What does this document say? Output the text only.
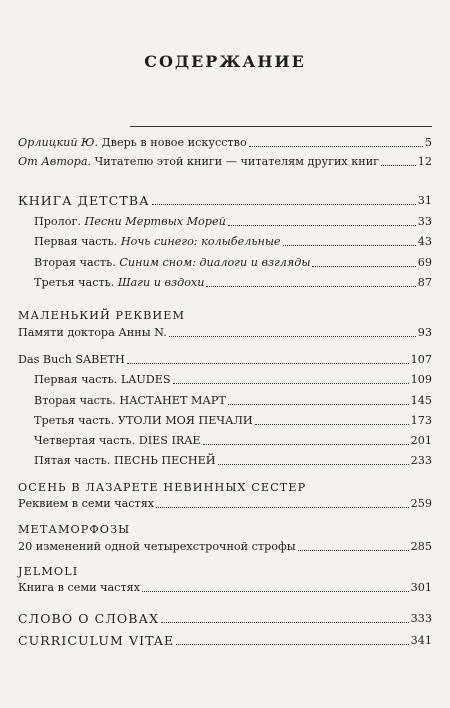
СОДЕРЖАНИЕ
Орлицкий Ю. Дверь в новое искусство	5
От Автора. Читателю этой книги — читателям других книг	12
КНИГА ДЕТСТВА	31
Пролог. Песни Мертвых Морей	33
Первая часть. Ночь синего: колыбельные	43
Вторая часть. Синим сном: диалоги и взгляды	69
Третья часть. Шаги и вздохи	87
МАЛЕНЬКИЙ РЕКВИЕМ
Памяти доктора Анны N.	93
Das Buch SABETH	107
Первая часть. LAUDES	109
Вторая часть. НАСТАНЕТ МАРТ	145
Третья часть. УТОЛИ МОЯ ПЕЧАЛИ	173
Четвертая часть. DIES IRAE	201
Пятая часть. ПЕСНЬ ПЕСНЕЙ	233
ОСЕНЬ В ЛАЗАРЕТЕ НЕВИННЫХ СЕСТЕР
Реквием в семи частях	259
МЕТАМОРФОЗЫ
20 изменений одной четырехстрочной строфы	285
JELMOLI
Книга в семи частях	301
СЛОВО О СЛОВАХ	333
CURRICULUM VITAE	341
